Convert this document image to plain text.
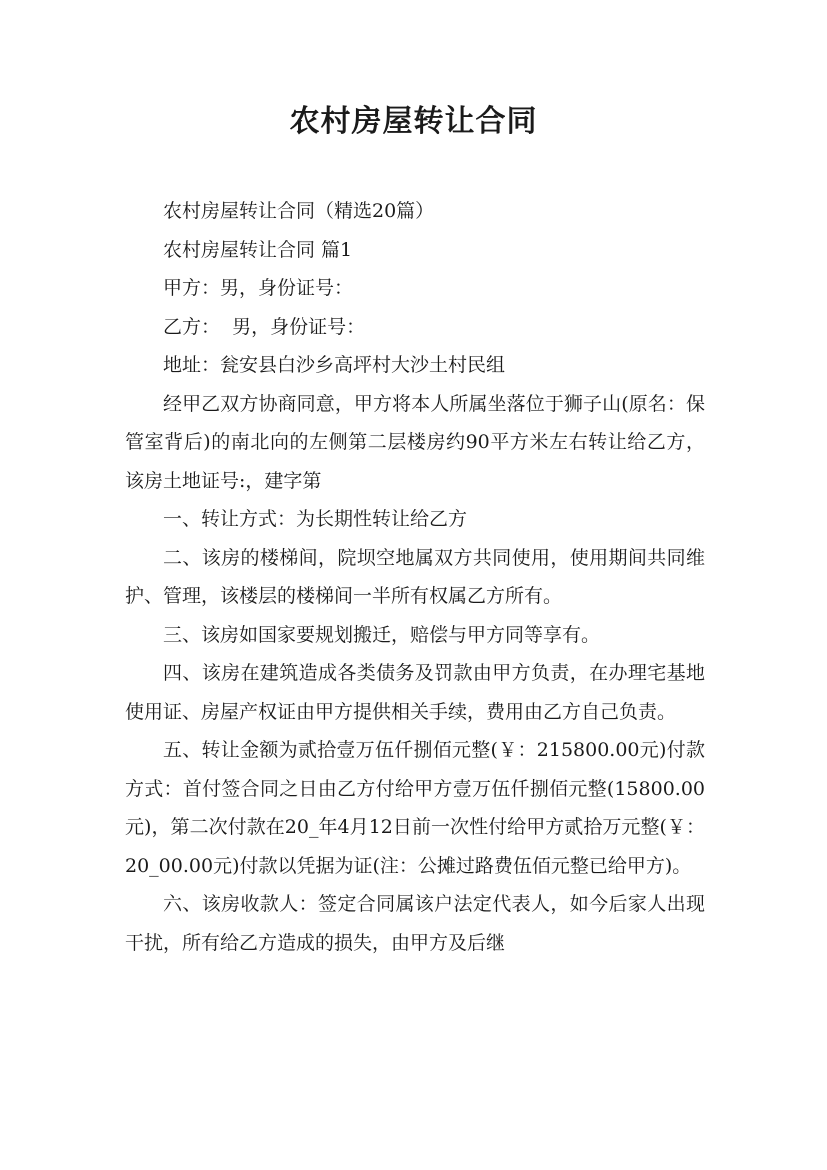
农村房屋转让合同

农村房屋转让合同（精选20篇）

农村房屋转让合同 篇1

甲方：男，身份证号：

乙方：  男，身份证号：

地址：瓮安县白沙乡高坪村大沙土村民组

经甲乙双方协商同意，甲方将本人所属坐落位于狮子山(原名：保管室背后)的南北向的左侧第二层楼房约90平方米左右转让给乙方，该房土地证号:，建字第

一、转让方式：为长期性转让给乙方

二、该房的楼梯间，院坝空地属双方共同使用，使用期间共同维护、管理，该楼层的楼梯间一半所有权属乙方所有。

三、该房如国家要规划搬迁，赔偿与甲方同等享有。

四、该房在建筑造成各类债务及罚款由甲方负责，在办理宅基地使用证、房屋产权证由甲方提供相关手续，费用由乙方自己负责。

五、转让金额为贰拾壹万伍仟捌佰元整(￥：215800.00元)付款方式：首付签合同之日由乙方付给甲方壹万伍仟捌佰元整(15800.00元)，第二次付款在20_年4月12日前一次性付给甲方贰拾万元整(￥：20_00.00元)付款以凭据为证(注：公摊过路费伍佰元整已给甲方)。

六、该房收款人：签定合同属该户法定代表人，如今后家人出现干扰，所有给乙方造成的损失，由甲方及后继
